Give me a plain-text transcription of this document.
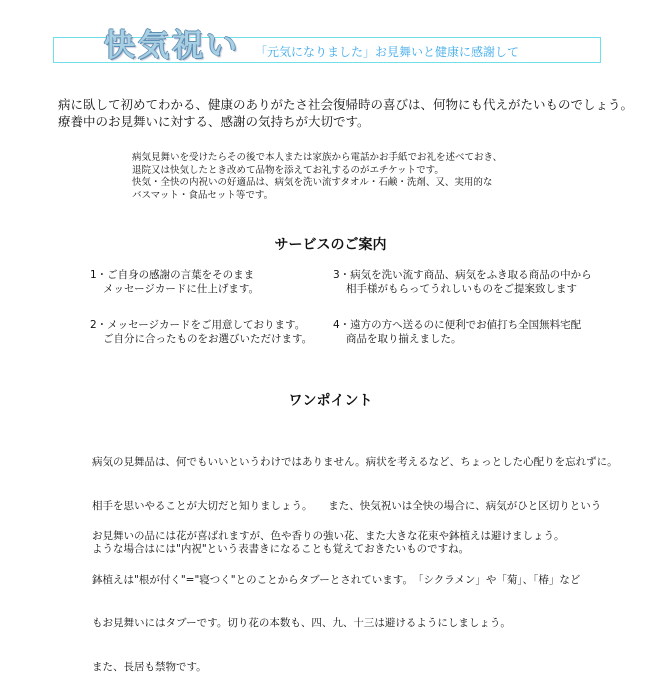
快気祝い 「元気になりました」お見舞いと健康に感謝して
病に臥して初めてわかる、健康のありがたさ社会復帰時の喜びは、何物にも代えがたいものでしょう。
療養中のお見舞いに対する、感謝の気持ちが大切です。
病気見舞いを受けたらその後で本人または家族から電話かお手紙でお礼を述べておき、
退院又は快気したとき改めて品物を添えてお礼するのがエチケットです。
快気・全快の内祝いの好適品は、病気を洗い流すタオル・石鹸・洗剤、又、実用的な
バスマット・食品セット等です。
サービスのご案内
1・ご自身の感謝の言葉をそのまま
メッセージカードに仕上げます。
3・病気を洗い流す商品、病気をふき取る商品の中から
相手様がもらってうれしいものをご提案致します
2・メッセージカードをご用意しております。
ご自分に合ったものをお選びいただけます。
4・遠方の方へ送るのに便利でお値打ち全国無料宅配
商品を取り揃えました。
ワンポイント

病気の見舞品は、何でもいいというわけではありません。病状を考えるなど、ちょっとした心配りを忘れずに。

相手を思いやることが大切だと知りましょう。　　また、快気祝いは全快の場合に、病気がひと区切りという

ような場合はには"内祝"という表書きになることも覚えておきたいものですね。

お見舞いの品には花が喜ばれますが、色や香りの強い花、また大きな花束や鉢植えは避けましょう。

鉢植えは"根が付く"="寝つく"とのことからタブーとされています。　「シクラメン」や「菊」、「椿」など

もお見舞いにはタブーです。切り花の本数も、四、九、十三は避けるようにしましょう。

また、長居も禁物です。
